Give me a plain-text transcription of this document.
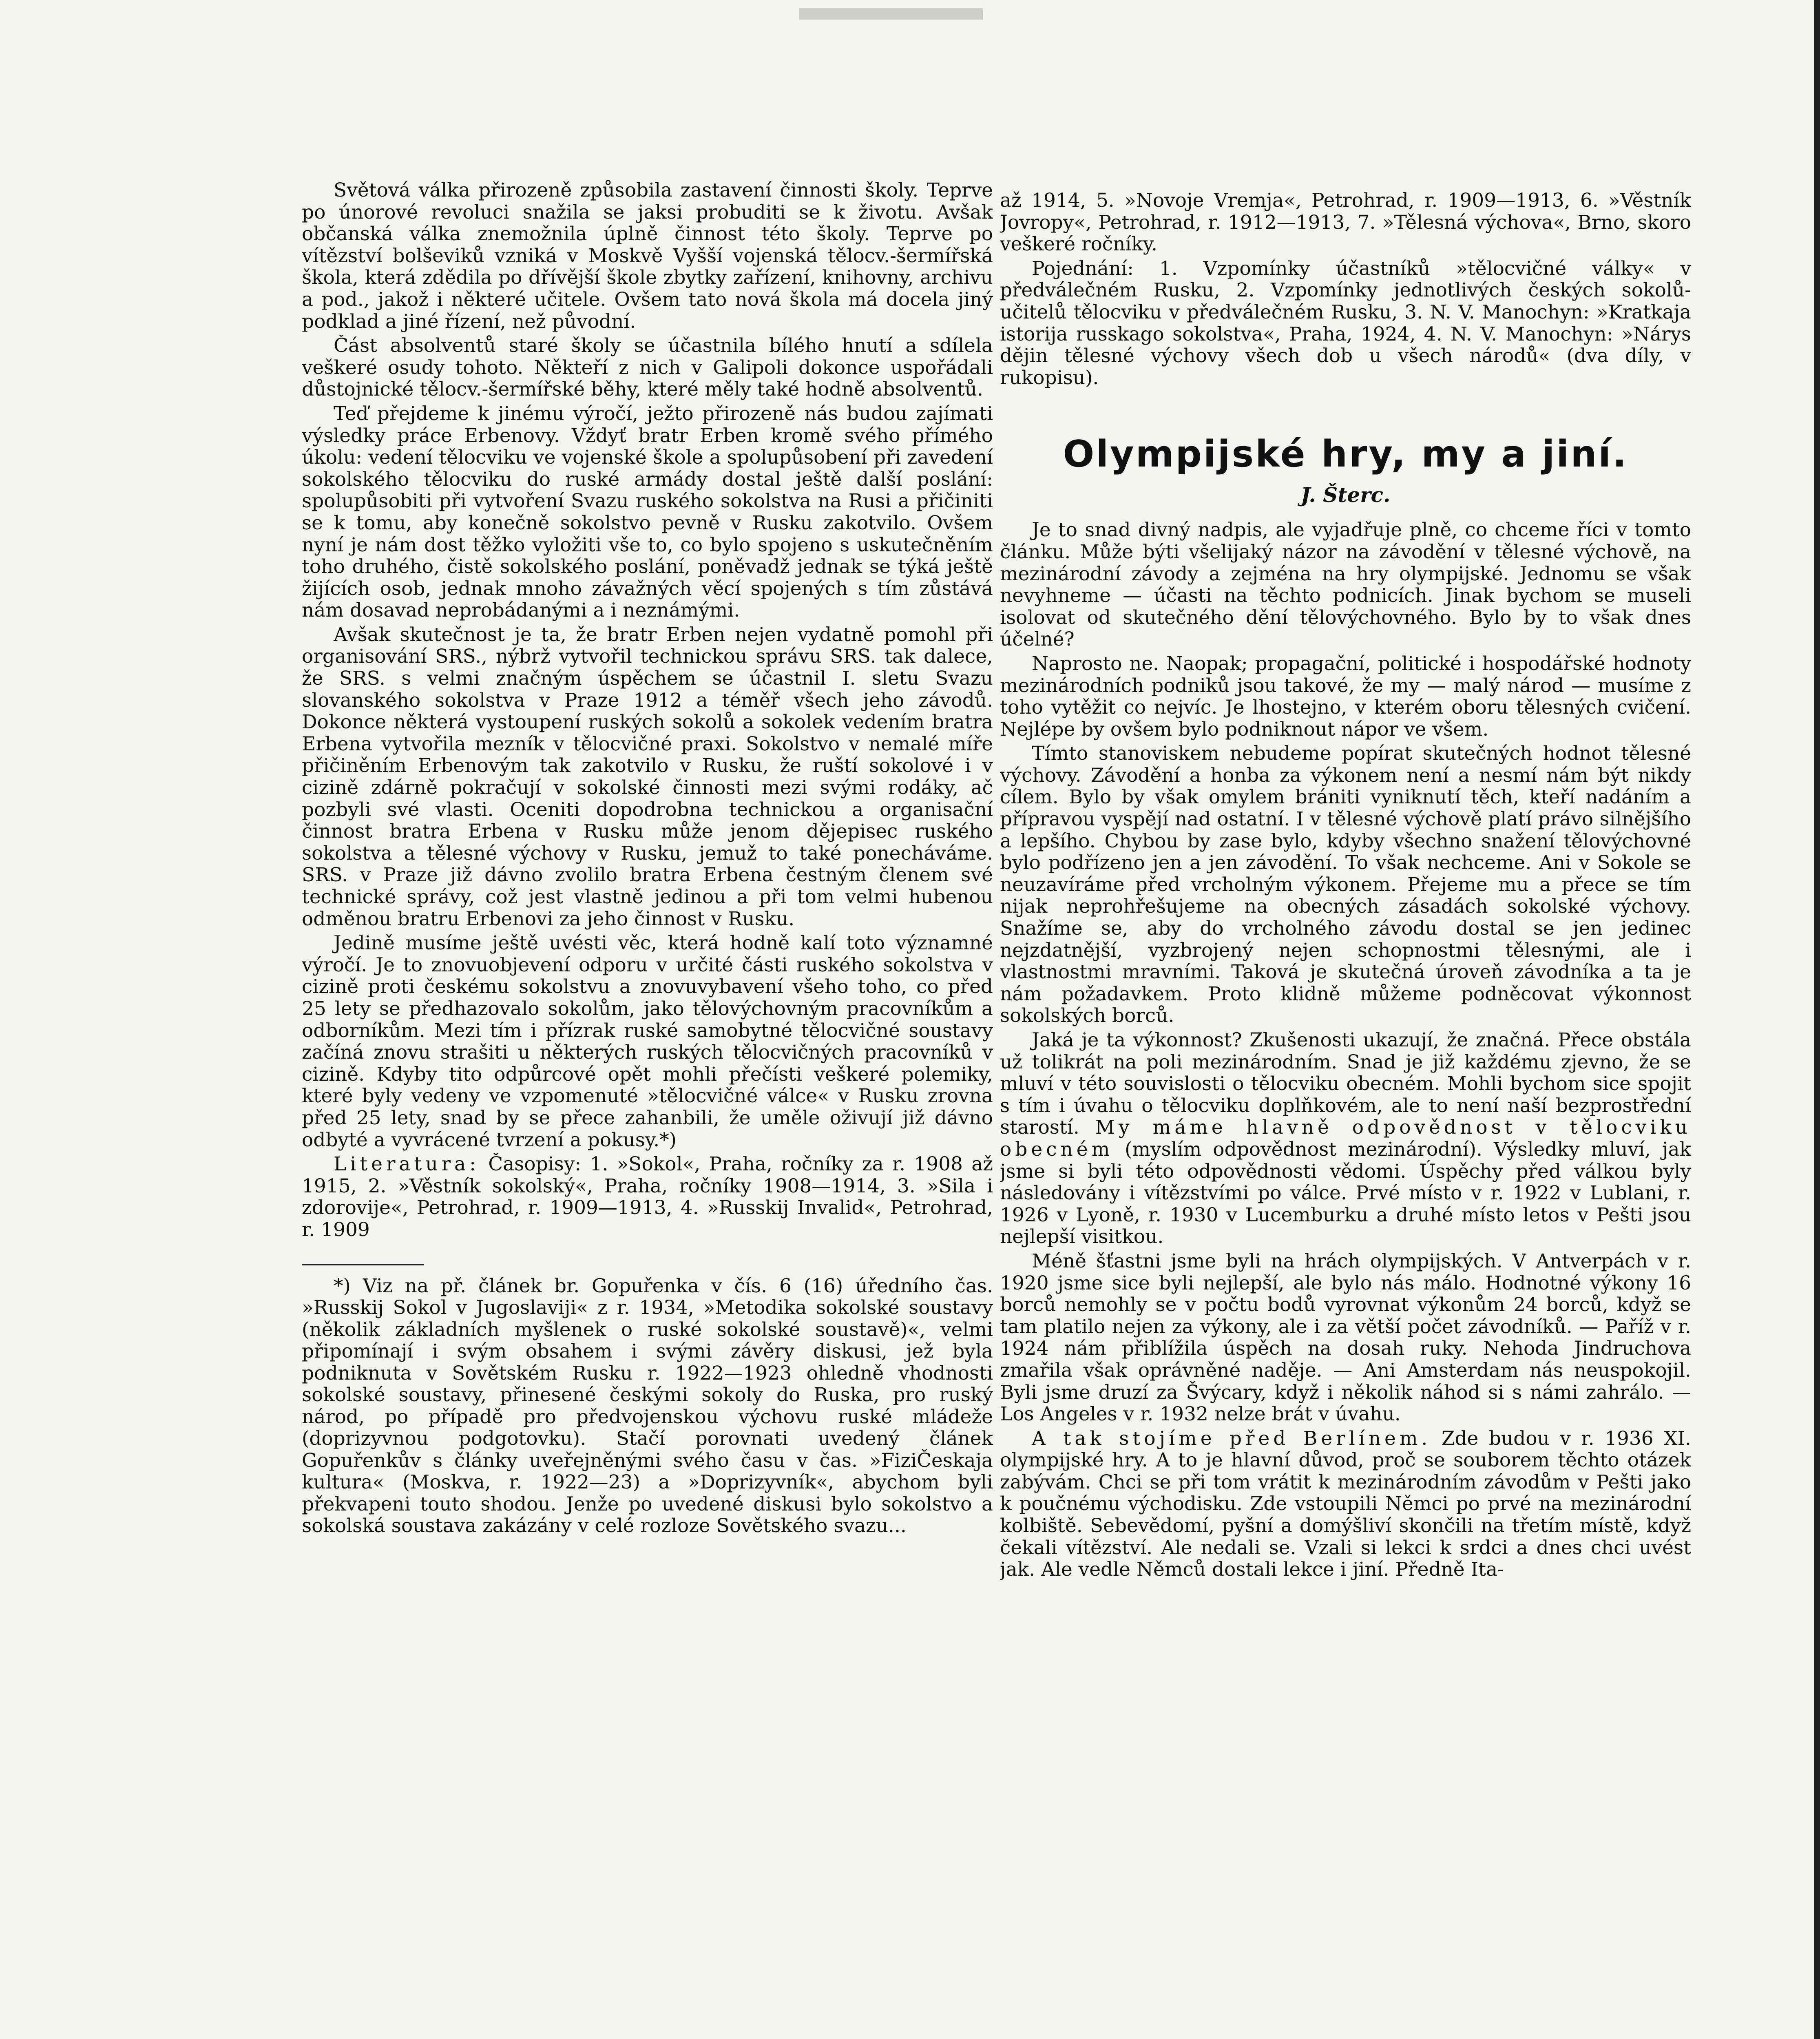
Světová válka přirozeně způsobila zastavení činnosti školy. Teprve po únorové revoluci snažila se jaksi probuditi se k životu. Avšak občanská válka znemožnila úplně činnost této školy. Teprve po vítězství bolševiků vzniká v Moskvě Vyšší vojenská tělocv.-šermířská škola, která zdědila po dřívější škole zbytky zařízení, knihovny, archivu a pod., jakož i některé učitele. Ovšem tato nová škola má docela jiný podklad a jiné řízení, než původní.

Část absolventů staré školy se účastnila bílého hnutí a sdílela veškeré osudy tohoto. Někteří z nich v Galipoli dokonce uspořádali důstojnické tělocv.-šermířské běhy, které měly také hodně absolventů.

Teď přejdeme k jinému výročí, ježto přirozeně nás budou zajímati výsledky práce Erbenovy. Vždyť bratr Erben kromě svého přímého úkolu: vedení tělocviku ve vojenské škole a spolupůsobení při zavedení sokolského tělocviku do ruské armády dostal ještě další poslání: spolupůsobiti při vytvoření Svazu ruského sokolstva na Rusi a přičiniti se k tomu, aby konečně sokolstvo pevně v Rusku zakotvilo. Ovšem nyní je nám dost těžko vyložiti vše to, co bylo spojeno s uskutečněním toho druhého, čistě sokolského poslání, poněvadž jednak se týká ještě žijících osob, jednak mnoho závažných věcí spojených s tím zůstává nám dosavad neprobádanými a i neznámými.

Avšak skutečnost je ta, že bratr Erben nejen vydatně pomohl při organisování SRS., nýbrž vytvořil technickou správu SRS. tak dalece, že SRS. s velmi značným úspěchem se účastnil I. sletu Svazu slovanského sokolstva v Praze 1912 a téměř všech jeho závodů. Dokonce některá vystoupení ruských sokolů a sokolek vedením bratra Erbena vytvořila mezník v tělocvičné praxi. Sokolstvo v nemalé míře přičiněním Erbenovým tak zakotvilo v Rusku, že ruští sokolové i v cizině zdárně pokračují v sokolské činnosti mezi svými rodáky, ač pozbyli své vlasti. Oceniti dopodrobna technickou a organisační činnost bratra Erbena v Rusku může jenom dějepisec ruského sokolstva a tělesné výchovy v Rusku, jemuž to také ponecháváme. SRS. v Praze již dávno zvolilo bratra Erbena čestným členem své technické správy, což jest vlastně jedinou a při tom velmi hubenou odměnou bratru Erbenovi za jeho činnost v Rusku.

Jedině musíme ještě uvésti věc, která hodně kalí toto významné výročí. Je to znovuobjevení odporu v určité části ruského sokolstva v cizině proti českému sokolstvu a znovuvybavení všeho toho, co před 25 lety se předhazovalo sokolům, jako tělovýchovným pracovníkům a odborníkům. Mezi tím i přízrak ruské samobytné tělocvičné soustavy začíná znovu strašiti u některých ruských tělocvičných pracovníků v cizině. Kdyby tito odpůrcové opět mohli přečísti veškeré polemiky, které byly vedeny ve vzpomenuté »tělocvičné válce« v Rusku zrovna před 25 lety, snad by se přece zahanbili, že uměle oživují již dávno odbyté a vyvrácené tvrzení a pokusy.*)

Literatura: Časopisy: 1. »Sokol«, Praha, ročníky za r. 1908 až 1915, 2. »Věstník sokolský«, Praha, ročníky 1908—1914, 3. »Sila i zdorovije«, Petrohrad, r. 1909—1913, 4. »Russkij Invalid«, Petrohrad, r. 1909

*) Viz na př. článek br. Gopuřenka v čís. 6 (16) úředního čas. »Russkij Sokol v Jugoslaviji« z r. 1934, »Metodika sokolské soustavy (několik základních myšlenek o ruské sokolské soustavě)«, velmi připomínají i svým obsahem i svými závěry diskusi, jež byla podniknuta v Sovětském Rusku r. 1922—1923 ohledně vhodnosti sokolské soustavy, přinesené českými sokoly do Ruska, pro ruský národ, po případě pro předvojenskou výchovu ruské mládeže (doprizyvnou podgotovku). Stačí porovnati uvedený článek Gopuřenkův s články uveřejněnými svého času v čas. »FiziČeskaja kultura« (Moskva, r. 1922—23) a »Doprizyvník«, abychom byli překvapeni touto shodou. Jenže po uvedené diskusi bylo sokolstvo a sokolská soustava zakázány v celé rozloze Sovětského svazu...

až 1914, 5. »Novoje Vremja«, Petrohrad, r. 1909—1913, 6. »Věstník Jovropy«, Petrohrad, r. 1912—1913, 7. »Tělesná výchova«, Brno, skoro veškeré ročníky.

Pojednání: 1. Vzpomínky účastníků »tělocvičné války« v předválečném Rusku, 2. Vzpomínky jednotlivých českých sokolů-učitelů tělocviku v předválečném Rusku, 3. N. V. Manochyn: »Kratkaja istorija russkago sokolstva«, Praha, 1924, 4. N. V. Manochyn: »Nárys dějin tělesné výchovy všech dob u všech národů« (dva díly, v rukopisu).

Olympijské hry, my a jiní.
J. Šterc.

Je to snad divný nadpis, ale vyjadřuje plně, co chceme říci v tomto článku. Může býti všelijaký názor na závodění v tělesné výchově, na mezinárodní závody a zejména na hry olympijské. Jednomu se však nevyhneme — účasti na těchto podnicích. Jinak bychom se museli isolovat od skutečného dění tělovýchovného. Bylo by to však dnes účelné?

Naprosto ne. Naopak; propagační, politické i hospodářské hodnoty mezinárodních podniků jsou takové, že my — malý národ — musíme z toho vytěžit co nejvíc. Je lhostejno, v kterém oboru tělesných cvičení. Nejlépe by ovšem bylo podniknout nápor ve všem.

Tímto stanoviskem nebudeme popírat skutečných hodnot tělesné výchovy. Závodění a honba za výkonem není a nesmí nám být nikdy cílem. Bylo by však omylem brániti vyniknutí těch, kteří nadáním a přípravou vyspějí nad ostatní. I v tělesné výchově platí právo silnějšího a lepšího. Chybou by zase bylo, kdyby všechno snažení tělovýchovné bylo podřízeno jen a jen závodění. To však nechceme. Ani v Sokole se neuzavíráme před vrcholným výkonem. Přejeme mu a přece se tím nijak neprohřešujeme na obecných zásadách sokolské výchovy. Snažíme se, aby do vrcholného závodu dostal se jen jedinec nejzdatnější, vyzbrojený nejen schopnostmi tělesnými, ale i vlastnostmi mravními. Taková je skutečná úroveň závodníka a ta je nám požadavkem. Proto klidně můžeme podněcovat výkonnost sokolských borců.

Jaká je ta výkonnost? Zkušenosti ukazují, že značná. Přece obstála už tolikrát na poli mezinárodním. Snad je již každému zjevno, že se mluví v této souvislosti o tělocviku obecném. Mohli bychom sice spojit s tím i úvahu o tělocviku doplňkovém, ale to není naší bezprostřední starostí. My máme hlavně odpovědnost v tělocviku obecném (myslím odpovědnost mezinárodní). Výsledky mluví, jak jsme si byli této odpovědnosti vědomi. Úspěchy před válkou byly následovány i vítězstvími po válce. Prvé místo v r. 1922 v Lublani, r. 1926 v Lyoně, r. 1930 v Lucemburku a druhé místo letos v Pešti jsou nejlepší visitkou.

Méně šťastni jsme byli na hrách olympijských. V Antverpách v r. 1920 jsme sice byli nejlepší, ale bylo nás málo. Hodnotné výkony 16 borců nemohly se v počtu bodů vyrovnat výkonům 24 borců, když se tam platilo nejen za výkony, ale i za větší počet závodníků. — Paříž v r. 1924 nám přiblížila úspěch na dosah ruky. Nehoda Jindruchova zmařila však oprávněné naděje. — Ani Amsterdam nás neuspokojil. Byli jsme druzí za Švýcary, když i několik náhod si s námi zahrálo. — Los Angeles v r. 1932 nelze brát v úvahu.

A tak stojíme před Berlínem. Zde budou v r. 1936 XI. olympijské hry. A to je hlavní důvod, proč se souborem těchto otázek zabývám. Chci se při tom vrátit k mezinárodním závodům v Pešti jako k poučnému východisku. Zde vstoupili Němci po prvé na mezinárodní kolbiště. Sebevědomí, pyšní a domýšliví skončili na třetím místě, když čekali vítězství. Ale nedali se. Vzali si lekci k srdci a dnes chci uvést jak. Ale vedle Němců dostali lekce i jiní. Předně Ita-
